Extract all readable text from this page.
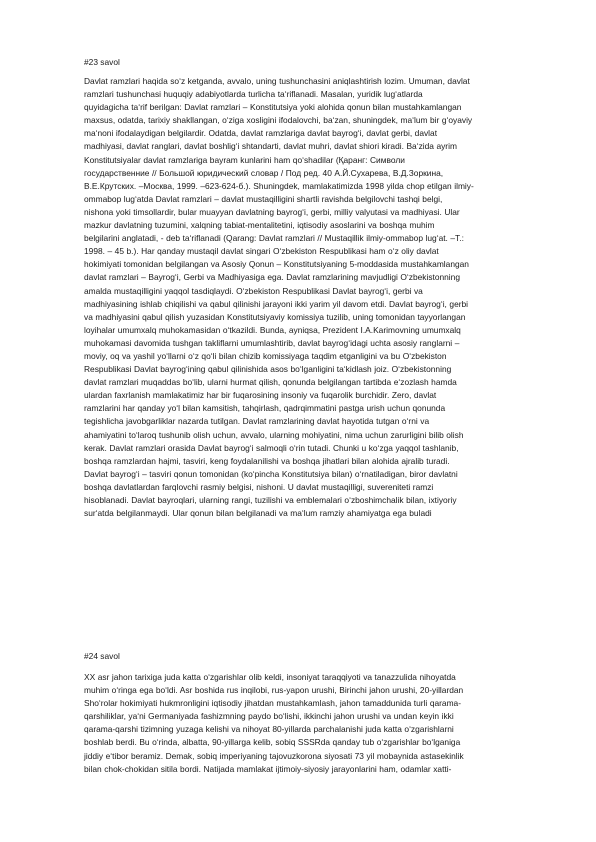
#23 savol
Davlat ramzlari haqida so‘z ketganda, avvalo, uning tushunchasini aniqlashtirish lozim. Umuman, davlat
ramzlari tushunchasi huquqiy adabiyotlarda turlicha ta‘riflanadi. Masalan, yuridik lug‘atlarda
quyidagicha ta‘rif berilgan: Davlat ramzlari – Konstitutsiya yoki alohida qonun bilan mustahkamlangan
maxsus, odatda, tarixiy shakllangan, o‘ziga xosligini ifodalovchi, ba‘zan, shuningdek, ma‘lum bir g‘oyaviy
ma‘noni ifodalaydigan belgilardir. Odatda, davlat ramzlariga davlat bayrog‘i, davlat gerbi, davlat
madhiyasi, davlat ranglari, davlat boshlig‘i shtandarti, davlat muhri, davlat shiori kiradi. Ba‘zida ayrim
Konstitutsiyalar davlat ramzlariga bayram kunlarini ham qo‘shadilar (Қаранг: Символи
государственние // Большой юридический словар / Под ред. 40 А.Й.Сухарева, В.Д.Зоркина,
В.Е.Крутских. –Москва, 1999. –623-624-б.). Shuningdek, mamlakatimizda 1998 yilda chop etilgan ilmiy-
ommabop lug‘atda Davlat ramzlari – davlat mustaqilligini shartli ravishda belgilovchi tashqi belgi,
nishona yoki timsollardir, bular muayyan davlatning bayrog‘i, gerbi, milliy valyutasi va madhiyasi. Ular
mazkur davlatning tuzumini, xalqning tabiat-mentalitetini, iqtisodiy asoslarini va boshqa muhim
belgilarini anglatadi, - deb ta‘riflanadi (Qarang: Davlat ramzlari // Mustaqillik ilmiy-ommabop lug‘at. –T.:
1998. – 45 b.). Har qanday mustaqil davlat singari O‘zbekiston Respublikasi ham o‘z oliy davlat
hokimiyati tomonidan belgilangan va Asosiy Qonun – Konstitutsiyaning 5-moddasida mustahkamlangan
davlat ramzlari – Bayrog‘i, Gerbi va Madhiyasiga ega. Davlat ramzlarining mavjudligi O‘zbekistonning
amalda mustaqilligini yaqqol tasdiqlaydi. O‘zbekiston Respublikasi Davlat bayrog‘i, gerbi va
madhiyasining ishlab chiqilishi va qabul qilinishi jarayoni ikki yarim yil davom etdi. Davlat bayrog‘i, gerbi
va madhiyasini qabul qilish yuzasidan Konstitutsiyaviy komissiya tuzilib, uning tomonidan tayyorlangan
loyihalar umumxalq muhokamasidan o‘tkazildi. Bunda, ayniqsa, Prezident I.A.Karimovning umumxalq
muhokamasi davomida tushgan takliflarni umumlashtirib, davlat bayrog‘idagi uchta asosiy ranglarni –
moviy, oq va yashil yo‘llarni o‘z qo‘li bilan chizib komissiyaga taqdim etganligini va bu O‘zbekiston
Respublikasi Davlat bayrog‘ining qabul qilinishida asos bo‘lganligini ta‘kidlash joiz. O‘zbekistonning
davlat ramzlari muqaddas bo‘lib, ularni hurmat qilish, qonunda belgilangan tartibda e‘zozlash hamda
ulardan faxrlanish mamlakatimiz har bir fuqarosining insoniy va fuqarolik burchidir. Zero, davlat
ramzlarini har qanday yo‘l bilan kamsitish, tahqirlash, qadrqimmatini pastga urish uchun qonunda
tegishlicha javobgarliklar nazarda tutilgan. Davlat ramzlarining davlat hayotida tutgan o‘rni va
ahamiyatini to‘laroq tushunib olish uchun, avvalo, ularning mohiyatini, nima uchun zarurligini bilib olish
kerak. Davlat ramzlari orasida Davlat bayrog‘i salmoqli o‘rin tutadi. Chunki u ko‘zga yaqqol tashlanib,
boshqa ramzlardan hajmi, tasviri, keng foydalanilishi va boshqa jihatlari bilan alohida ajralib turadi.
Davlat bayrog‘i – tasviri qonun tomonidan (ko‘pincha Konstitutsiya bilan) o‘rnatiladigan, biror davlatni
boshqa davlatlardan farqlovchi rasmiy belgisi, nishoni. U davlat mustaqilligi, suvereniteti ramzi
hisoblanadi. Davlat bayroqlari, ularning rangi, tuzilishi va emblemalari o‘zboshimchalik bilan, ixtiyoriy
sur‘atda belgilanmaydi. Ular qonun bilan belgilanadi va ma‘lum ramziy ahamiyatga ega buladi
#24 savol
XX asr jahon tarixiga juda katta o‘zgarishlar olib keldi, insoniyat taraqqiyoti va tanazzulida nihoyatda
muhim o‘ringa ega bo‘ldi. Asr boshida rus inqilobi, rus-yapon urushi, Birinchi jahon urushi, 20-yillardan
Sho‘rolar hokimiyati hukmronligini iqtisodiy jihatdan mustahkamlash, jahon tamaddunida turli qarama-
qarshiliklar, ya‘ni Germaniyada fashizmning paydo bo‘lishi, ikkinchi jahon urushi va undan keyin ikki
qarama-qarshi tizimning yuzaga kelishi va nihoyat 80-yillarda parchalanishi juda katta o‘zgarishlarni
boshlab berdi. Bu o‘rinda, albatta, 90-yillarga kelib, sobiq SSSRda qanday tub o‘zgarishlar bo‘lganiga
jiddiy e‘tibor beramiz. Demak, sobiq imperiyaning tajovuzkorona siyosati 73 yil mobaynida astasekinlik
bilan chok-chokidan sitila bordi. Natijada mamlakat ijtimoiy-siyosiy jarayonlarini ham, odamlar xatti-
